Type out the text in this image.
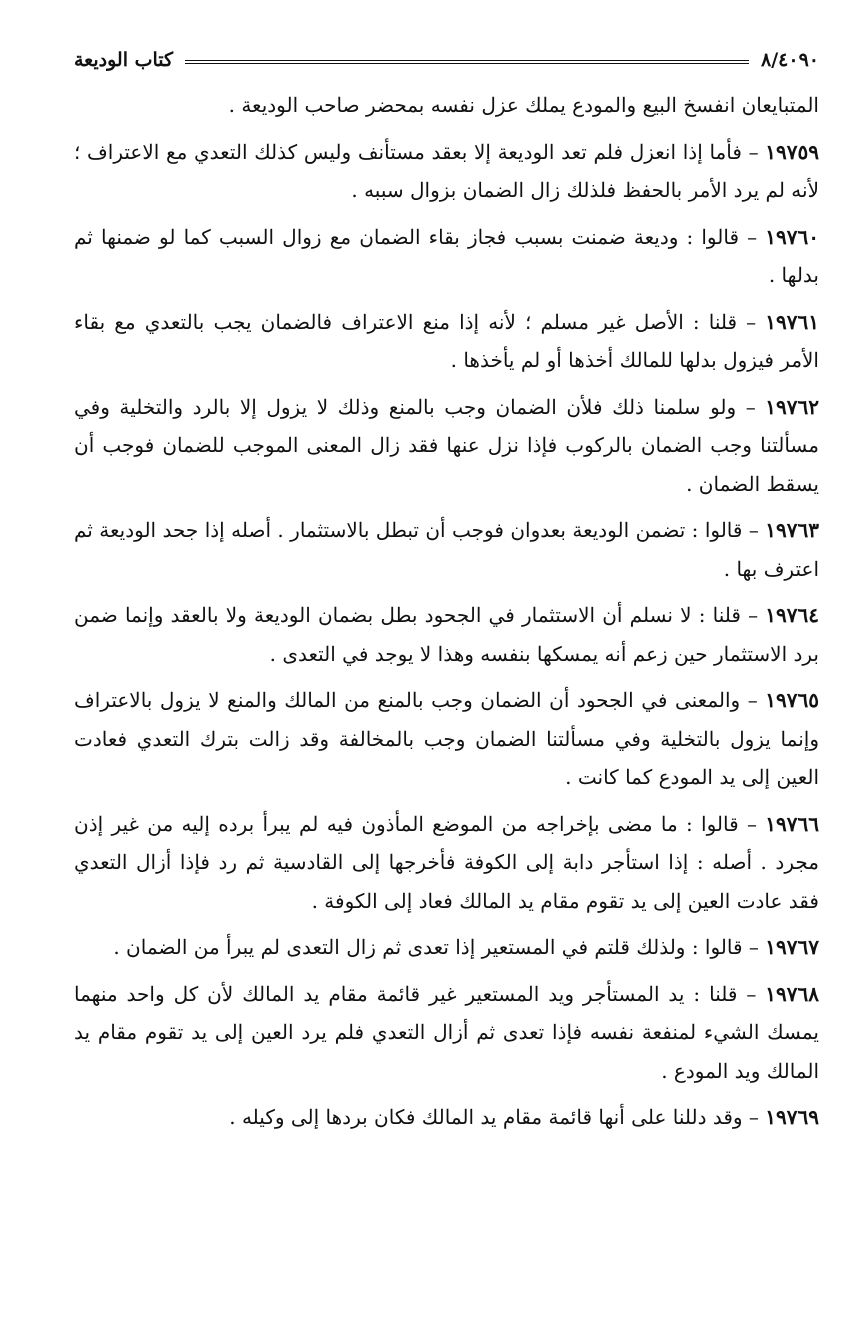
٨/٤٠٩٠
كتاب الوديعة

المتبايعان انفسخ البيع والمودع يملك عزل نفسه بمحضر صاحب الوديعة .

١٩٧٥٩ – فأما إذا انعزل فلم تعد الوديعة إلا بعقد مستأنف وليس كذلك التعدي مع الاعتراف ؛ لأنه لم يرد الأمر بالحفظ فلذلك زال الضمان بزوال سببه .

١٩٧٦٠ – قالوا : وديعة ضمنت بسبب فجاز بقاء الضمان مع زوال السبب كما لو ضمنها ثم بدلها .

١٩٧٦١ – قلنا : الأصل غير مسلم ؛ لأنه إذا منع الاعتراف فالضمان يجب بالتعدي مع بقاء الأمر فيزول بدلها للمالك أخذها أو لم يأخذها .

١٩٧٦٢ – ولو سلمنا ذلك فلأن الضمان وجب بالمنع وذلك لا يزول إلا بالرد والتخلية وفي مسألتنا وجب الضمان بالركوب فإذا نزل عنها فقد زال المعنى الموجب للضمان فوجب أن يسقط الضمان .

١٩٧٦٣ – قالوا : تضمن الوديعة بعدوان فوجب أن تبطل بالاستثمار . أصله إذا جحد الوديعة ثم اعترف بها .

١٩٧٦٤ – قلنا : لا نسلم أن الاستثمار في الجحود بطل بضمان الوديعة ولا بالعقد وإنما ضمن برد الاستثمار حين زعم أنه يمسكها بنفسه وهذا لا يوجد في التعدى .

١٩٧٦٥ – والمعنى في الجحود أن الضمان وجب بالمنع من المالك والمنع لا يزول بالاعتراف وإنما يزول بالتخلية وفي مسألتنا الضمان وجب بالمخالفة وقد زالت بترك التعدي فعادت العين إلى يد المودع كما كانت .

١٩٧٦٦ – قالوا : ما مضى بإخراجه من الموضع المأذون فيه لم يبرأ برده إليه من غير إذن مجرد . أصله : إذا استأجر دابة إلى الكوفة فأخرجها إلى القادسية ثم رد فإذا أزال التعدي فقد عادت العين إلى يد تقوم مقام يد المالك فعاد إلى الكوفة .

١٩٧٦٧ – قالوا : ولذلك قلتم في المستعير إذا تعدى ثم زال التعدى لم يبرأ من الضمان .

١٩٧٦٨ – قلنا : يد المستأجر ويد المستعير غير قائمة مقام يد المالك لأن كل واحد منهما يمسك الشيء لمنفعة نفسه فإذا تعدى ثم أزال التعدي فلم يرد العين إلى يد تقوم مقام يد المالك ويد المودع .

١٩٧٦٩ – وقد دللنا على أنها قائمة مقام يد المالك فكان بردها إلى وكيله .
